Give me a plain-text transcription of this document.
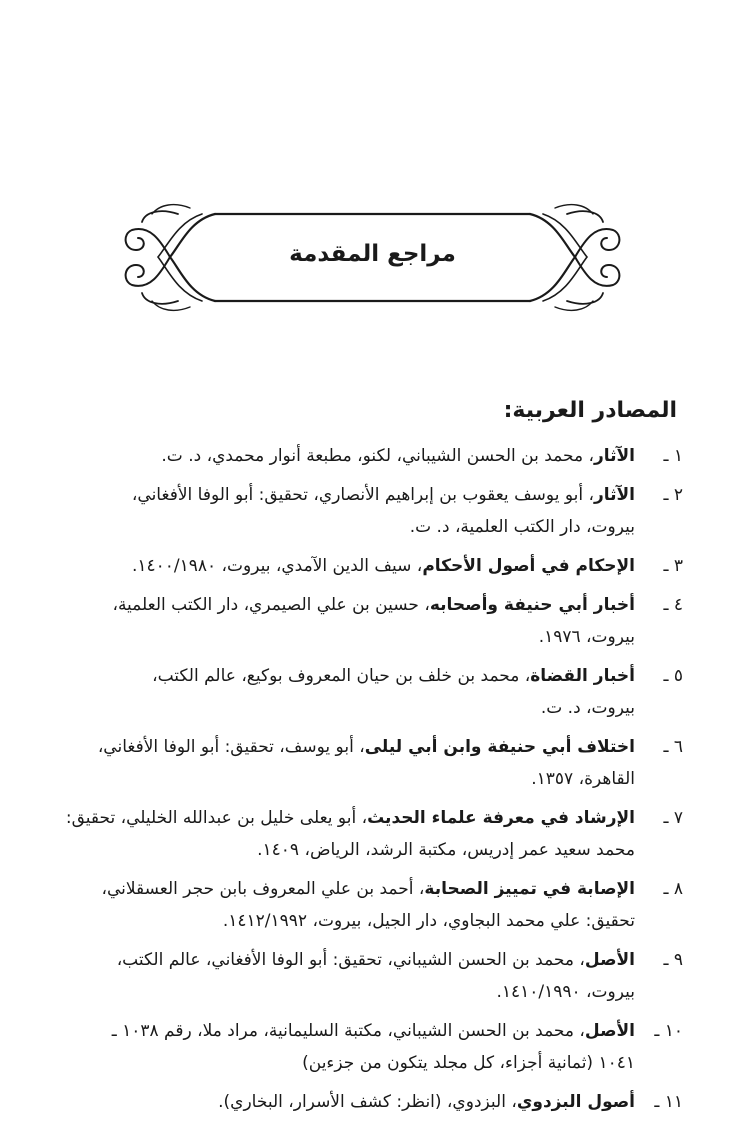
مراجع المقدمة
المصادر العربية:
١ ـ
الآثار، محمد بن الحسن الشيباني، لكنو، مطبعة أنوار محمدي، د. ت.
٢ ـ
الآثار، أبو يوسف يعقوب بن إبراهيم الأنصاري، تحقيق: أبو الوفا الأفغاني،
بيروت، دار الكتب العلمية، د. ت.
٣ ـ
الإحكام في أصول الأحكام، سيف الدين الآمدي، بيروت، ١٤٠٠/١٩٨٠.
٤ ـ
أخبار أبي حنيفة وأصحابه، حسين بن علي الصيمري، دار الكتب العلمية،
بيروت، ١٩٧٦.
٥ ـ
أخبار القضاة، محمد بن خلف بن حيان المعروف بوكيع، عالم الكتب،
بيروت، د. ت.
٦ ـ
اختلاف أبي حنيفة وابن أبي ليلى، أبو يوسف، تحقيق: أبو الوفا الأفغاني،
القاهرة، ١٣٥٧.
٧ ـ
الإرشاد في معرفة علماء الحديث، أبو يعلى خليل بن عبدالله الخليلي، تحقيق:
محمد سعيد عمر إدريس، مكتبة الرشد، الرياض، ١٤٠٩.
٨ ـ
الإصابة في تمييز الصحابة، أحمد بن علي المعروف بابن حجر العسقلاني،
تحقيق: علي محمد البجاوي، دار الجيل، بيروت، ١٤١٢/١٩٩٢.
٩ ـ
الأصل، محمد بن الحسن الشيباني، تحقيق: أبو الوفا الأفغاني، عالم الكتب،
بيروت، ١٤١٠/١٩٩٠.
١٠ ـ
الأصل، محمد بن الحسن الشيباني، مكتبة السليمانية، مراد ملا، رقم ١٠٣٨ ـ
١٠٤١ (ثمانية أجزاء، كل مجلد يتكون من جزءين)
١١ ـ
أصول البزدوي، البزدوي، (انظر: كشف الأسرار، البخاري).
